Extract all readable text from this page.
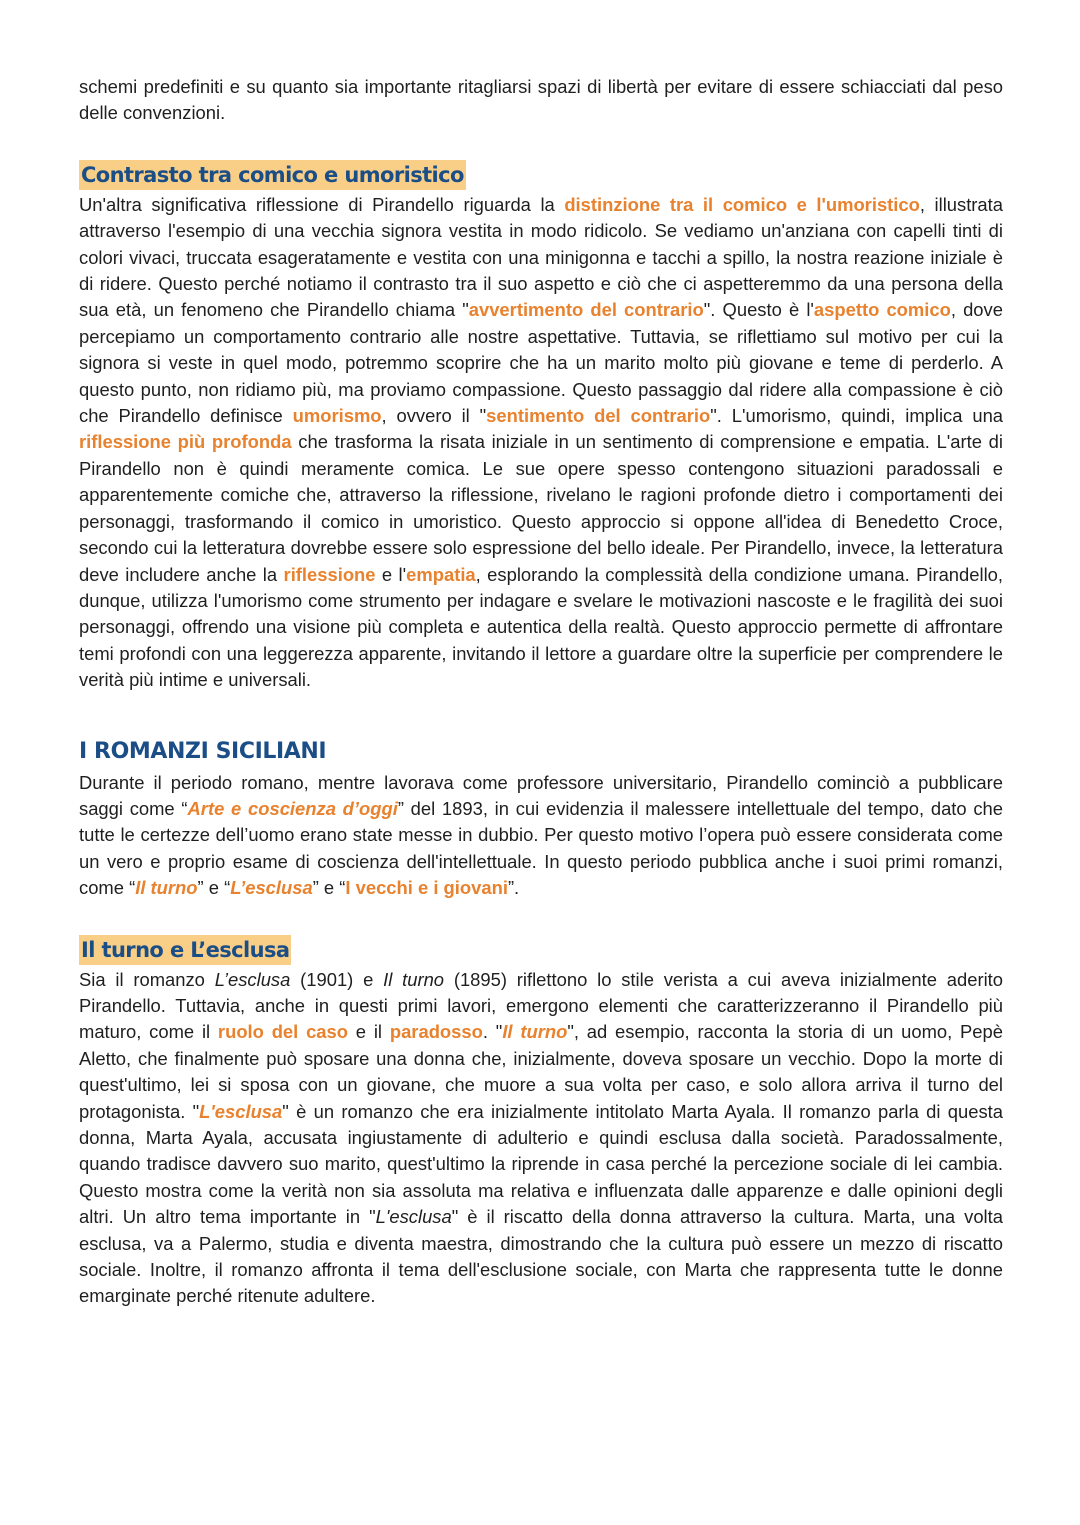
schemi predefiniti e su quanto sia importante ritagliarsi spazi di libertà per evitare di essere schiacciati dal peso delle convenzioni.

Contrasto tra comico e umoristico

Un'altra significativa riflessione di Pirandello riguarda la distinzione tra il comico e l'umoristico, illustrata attraverso l'esempio di una vecchia signora vestita in modo ridicolo. Se vediamo un'anziana con capelli tinti di colori vivaci, truccata esageratamente e vestita con una minigonna e tacchi a spillo, la nostra reazione iniziale è di ridere. Questo perché notiamo il contrasto tra il suo aspetto e ciò che ci aspetteremmo da una persona della sua età, un fenomeno che Pirandello chiama "avvertimento del contrario". Questo è l'aspetto comico, dove percepiamo un comportamento contrario alle nostre aspettative. Tuttavia, se riflettiamo sul motivo per cui la signora si veste in quel modo, potremmo scoprire che ha un marito molto più giovane e teme di perderlo. A questo punto, non ridiamo più, ma proviamo compassione. Questo passaggio dal ridere alla compassione è ciò che Pirandello definisce umorismo, ovvero il "sentimento del contrario". L'umorismo, quindi, implica una riflessione più profonda che trasforma la risata iniziale in un sentimento di comprensione e empatia. L'arte di Pirandello non è quindi meramente comica. Le sue opere spesso contengono situazioni paradossali e apparentemente comiche che, attraverso la riflessione, rivelano le ragioni profonde dietro i comportamenti dei personaggi, trasformando il comico in umoristico. Questo approccio si oppone all'idea di Benedetto Croce, secondo cui la letteratura dovrebbe essere solo espressione del bello ideale. Per Pirandello, invece, la letteratura deve includere anche la riflessione e l'empatia, esplorando la complessità della condizione umana. Pirandello, dunque, utilizza l'umorismo come strumento per indagare e svelare le motivazioni nascoste e le fragilità dei suoi personaggi, offrendo una visione più completa e autentica della realtà. Questo approccio permette di affrontare temi profondi con una leggerezza apparente, invitando il lettore a guardare oltre la superficie per comprendere le verità più intime e universali.

I ROMANZI SICILIANI

Durante il periodo romano, mentre lavorava come professore universitario, Pirandello cominciò a pubblicare saggi come “Arte e coscienza d’oggi” del 1893, in cui evidenzia il malessere intellettuale del tempo, dato che tutte le certezze dell’uomo erano state messe in dubbio. Per questo motivo l’opera può essere considerata come un vero e proprio esame di coscienza dell'intellettuale. In questo periodo pubblica anche i suoi primi romanzi, come “Il turno” e “L’esclusa” e “I vecchi e i giovani”.

Il turno e L’esclusa

Sia il romanzo L’esclusa (1901) e Il turno (1895) riflettono lo stile verista a cui aveva inizialmente aderito Pirandello. Tuttavia, anche in questi primi lavori, emergono elementi che caratterizzeranno il Pirandello più maturo, come il ruolo del caso e il paradosso. "Il turno", ad esempio, racconta la storia di un uomo, Pepè Aletto, che finalmente può sposare una donna che, inizialmente, doveva sposare un vecchio. Dopo la morte di quest'ultimo, lei si sposa con un giovane, che muore a sua volta per caso, e solo allora arriva il turno del protagonista. "L'esclusa" è un romanzo che era inizialmente intitolato Marta Ayala. Il romanzo parla di questa donna, Marta Ayala, accusata ingiustamente di adulterio e quindi esclusa dalla società. Paradossalmente, quando tradisce davvero suo marito, quest'ultimo la riprende in casa perché la percezione sociale di lei cambia. Questo mostra come la verità non sia assoluta ma relativa e influenzata dalle apparenze e dalle opinioni degli altri. Un altro tema importante in "L'esclusa" è il riscatto della donna attraverso la cultura. Marta, una volta esclusa, va a Palermo, studia e diventa maestra, dimostrando che la cultura può essere un mezzo di riscatto sociale. Inoltre, il romanzo affronta il tema dell'esclusione sociale, con Marta che rappresenta tutte le donne emarginate perché ritenute adultere.
